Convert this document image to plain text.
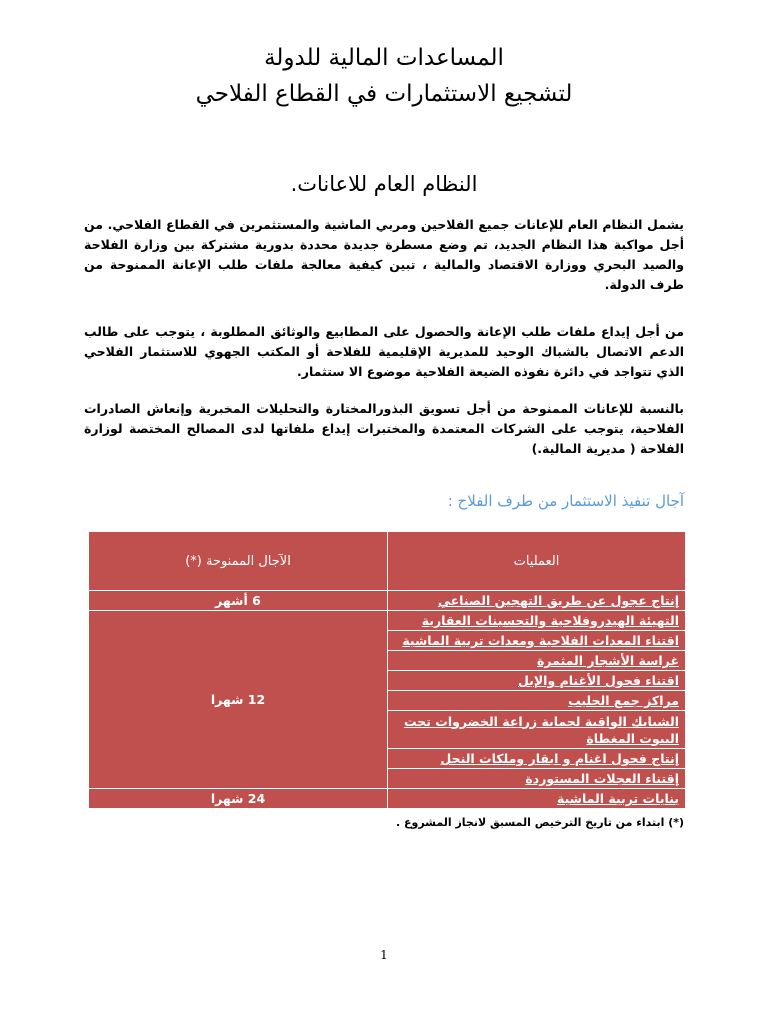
المساعدات المالية للدولة
لتشجيع الاستثمارات في القطاع الفلاحي
النظام العام للاعانات.

يشمل النظام العام للإعانات جميع الفلاحين ومربي الماشية والمستثمرين في القطاع الفلاحي. من أجل مواكبة هذا النظام الجديد، تم وضع مسطرة جديدة محددة بدورية مشتركة بين وزارة الفلاحة والصيد البحري ووزارة الاقتصاد والمالية ، تبين كيفية معالجة ملفات طلب الإعانة الممنوحة من طرف الدولة.

من أجل إيداع ملفات طلب الإعانة والحصول على المطابيع والوثائق المطلوبة ، يتوجب على طالب الدعم الاتصال بالشباك الوحيد للمديرية الإقليمية للفلاحة أو المكتب الجهوي للاستثمار الفلاحي الذي تتواجد في دائرة نفوذه الضيعة الفلاحية موضوع الا ستثمار.

بالنسبة للإعانات الممنوحة من أجل تسويق البذورالمختارة والتحليلات المخبرية وإنعاش الصادرات الفلاحية، يتوجب على الشركات المعتمدة والمختبرات إيداع ملفاتها لدى المصالح المختصة لوزارة الفلاحة ( مديرية المالية.)

آجال تنفيذ الاستثمار من طرف الفلاح :
العمليات	الآجال الممنوحة (*)
إنتاج عجول عن طريق التهجين الصناعي	6 أشهر
التهيئة الهيدروفلاحية والتحسينات العقارية	12 شهرا
اقتناء المعدات الفلاحية ومعدات تربية الماشية	
غراسة الأشجار المثمرة	
اقتناء فحول الأغنام والإبل	
مراكز جمع الحليب	
الشبابك الواقية لحماية زراعة الخضروات تحت البيوت المغطاة	
إنتاج فحول اغنام و ابقار وملكات النحل	
إقتناء العجلات المستوردة	
بنايات تربية الماشية	24 شهرا
(*) ابتداء من تاريخ الترخيص المسبق لانجاز المشروع .
1
